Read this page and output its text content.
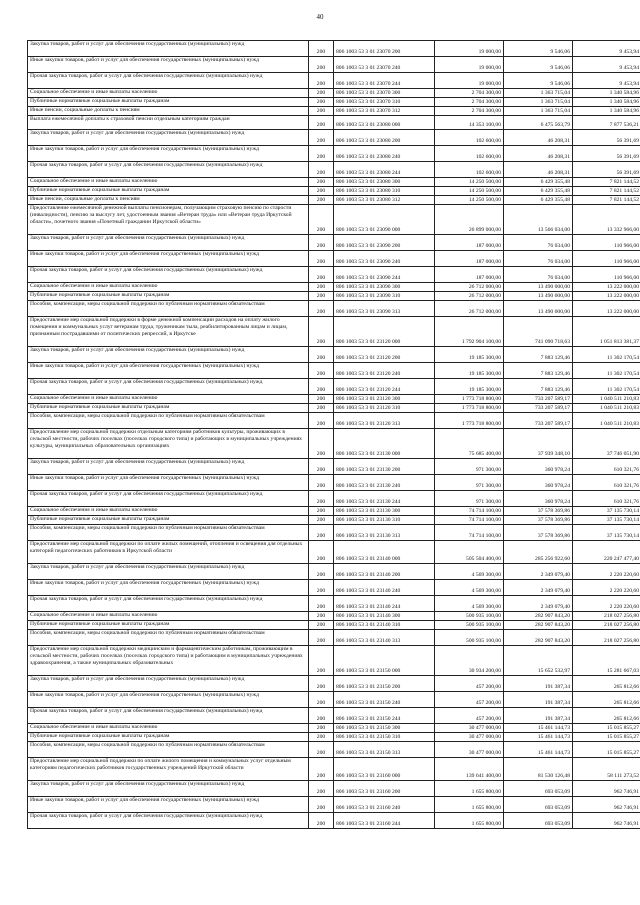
40
Закупка товаров, работ и услуг для обеспечения государственных (муниципальных) нужд	200	806 1003 53 3 01 23070 200	19 000,00	9 546,06	9 453,94
Иные закупки товаров, работ и услуг для обеспечения государственных (муниципальных) нужд	200	806 1003 53 3 01 23070 240	19 000,00	9 546,06	9 453,94
Прочая закупка товаров, работ и услуг для обеспечения государственных (муниципальных) нужд	200	806 1003 53 3 01 23070 244	19 000,00	9 546,06	9 453,94
Социальное обеспечение и иные выплаты населению	200	806 1003 53 3 01 23070 300	2 704 300,00	1 363 715,04	1 340 584,96
Публичные нормативные социальные выплаты гражданам	200	806 1003 53 3 01 23070 310	2 704 300,00	1 363 715,04	1 340 584,96
Иные пенсии, социальные доплаты к пенсиям	200	806 1003 53 3 01 23070 312	2 704 300,00	1 363 715,04	1 340 584,96
Выплата ежемесячной доплаты к страховой пенсии отдельным категориям граждан	200	806 1003 53 3 01 23080 000	14 353 100,00	6 475 563,79	7 877 536,21
Закупка товаров, работ и услуг для обеспечения государственных (муниципальных) нужд	200	806 1003 53 3 01 23080 200	102 600,00	46 208,31	56 391,69
Иные закупки товаров, работ и услуг для обеспечения государственных (муниципальных) нужд	200	806 1003 53 3 01 23080 240	102 600,00	46 208,31	56 391,69
Прочая закупка товаров, работ и услуг для обеспечения государственных (муниципальных) нужд	200	806 1003 53 3 01 23080 244	102 600,00	46 208,31	56 391,69
Социальное обеспечение и иные выплаты населению	200	806 1003 53 3 01 23080 300	14 250 500,00	6 429 355,48	7 821 144,52
Публичные нормативные социальные выплаты гражданам	200	806 1003 53 3 01 23080 310	14 250 500,00	6 429 355,48	7 821 144,52
Иные пенсии, социальные доплаты к пенсиям	200	806 1003 53 3 01 23080 312	14 250 500,00	6 429 355,48	7 821 144,52
Предоставление ежемесячной денежной выплаты пенсионерам, получающим страховую пенсию по старости (инвалидности), пенсию за выслугу лет, удостоенным звания «Ветеран труда» или «Ветеран труда Иркутской области», почетного звания «Почетный гражданин Иркутской области»	200	806 1003 53 3 01 23090 000	26 899 000,00	13 566 034,00	13 332 966,00
Закупка товаров, работ и услуг для обеспечения государственных (муниципальных) нужд	200	806 1003 53 3 01 23090 200	187 000,00	76 034,00	110 966,00
Иные закупки товаров, работ и услуг для обеспечения государственных (муниципальных) нужд	200	806 1003 53 3 01 23090 240	187 000,00	76 034,00	110 966,00
Прочая закупка товаров, работ и услуг для обеспечения государственных (муниципальных) нужд	200	806 1003 53 3 01 23090 244	187 000,00	76 034,00	110 966,00
Социальное обеспечение и иные выплаты населению	200	806 1003 53 3 01 23090 300	26 712 000,00	13 490 000,00	13 222 000,00
Публичные нормативные социальные выплаты гражданам	200	806 1003 53 3 01 23090 310	26 712 000,00	13 490 000,00	13 222 000,00
Пособия, компенсации, меры социальной поддержки по публичным нормативным обязательствам	200	806 1003 53 3 01 23090 313	26 712 000,00	13 490 000,00	13 222 000,00
Предоставление мер социальной поддержки в форме денежной компенсации расходов на оплату жилого помещения и коммунальных услуг ветеранам труда, труженикам тыла, реабилитированным лицам и лицам, признанным пострадавшими от политических репрессий, в Иркутске	200	806 1003 53 3 01 23120 000	1 792 904 100,00	741 090 718,63	1 051 813 381,37
Закупка товаров, работ и услуг для обеспечения государственных (муниципальных) нужд	200	806 1003 53 3 01 23120 200	19 185 300,00	7 883 129,46	11 302 170,54
Иные закупки товаров, работ и услуг для обеспечения государственных (муниципальных) нужд	200	806 1003 53 3 01 23120 240	19 185 300,00	7 883 129,46	11 302 170,54
Прочая закупка товаров, работ и услуг для обеспечения государственных (муниципальных) нужд	200	806 1003 53 3 01 23120 244	19 185 300,00	7 883 129,46	11 302 170,54
Социальное обеспечение и иные выплаты населению	200	806 1003 53 3 01 23120 300	1 773 718 800,00	733 207 589,17	1 040 511 210,83
Публичные нормативные социальные выплаты гражданам	200	806 1003 53 3 01 23120 310	1 773 718 800,00	733 207 589,17	1 040 511 210,83
Пособия, компенсации, меры социальной поддержки по публичным нормативным обязательствам	200	806 1003 53 3 01 23120 313	1 773 718 800,00	733 207 589,17	1 040 511 210,83
Предоставление мер социальной поддержки отдельным категориям работников культуры, проживающих в сельской местности, рабочих поселках (поселках городского типа) и работающих в муниципальных учреждениях культуры, муниципальных образовательных организациях	200	806 1003 53 3 01 23130 000	75 685 400,00	37 939 348,10	37 746 051,90
Закупка товаров, работ и услуг для обеспечения государственных (муниципальных) нужд	200	806 1003 53 3 01 23130 200	971 300,00	360 978,24	610 321,76
Иные закупки товаров, работ и услуг для обеспечения государственных (муниципальных) нужд	200	806 1003 53 3 01 23130 240	971 300,00	360 978,24	610 321,76
Прочая закупка товаров, работ и услуг для обеспечения государственных (муниципальных) нужд	200	806 1003 53 3 01 23130 244	971 300,00	360 978,24	610 321,76
Социальное обеспечение и иные выплаты населению	200	806 1003 53 3 01 23130 300	74 714 100,00	37 578 369,86	37 135 730,14
Публичные нормативные социальные выплаты гражданам	200	806 1003 53 3 01 23130 310	74 714 100,00	37 578 369,86	37 135 730,14
Пособия, компенсации, меры социальной поддержки по публичным нормативным обязательствам	200	806 1003 53 3 01 23130 313	74 714 100,00	37 578 369,86	37 135 730,14
Предоставление мер социальной поддержки по оплате жилых помещений, отопления и освещения для отдельных категорий педагогических работников в Иркутской области	200	806 1003 53 3 01 23140 000	505 504 400,00	285 256 922,60	220 247 477,40
Закупка товаров, работ и услуг для обеспечения государственных (муниципальных) нужд	200	806 1003 53 3 01 23140 200	4 569 300,00	2 349 079,40	2 220 220,60
Иные закупки товаров, работ и услуг для обеспечения государственных (муниципальных) нужд	200	806 1003 53 3 01 23140 240	4 569 300,00	2 349 079,40	2 220 220,60
Прочая закупка товаров, работ и услуг для обеспечения государственных (муниципальных) нужд	200	806 1003 53 3 01 23140 244	4 569 300,00	2 349 079,40	2 220 220,60
Социальное обеспечение и иные выплаты населению	200	806 1003 53 3 01 23140 300	500 935 100,00	282 907 843,20	218 027 256,80
Публичные нормативные социальные выплаты гражданам	200	806 1003 53 3 01 23140 310	500 935 100,00	282 907 843,20	218 027 256,80
Пособия, компенсации, меры социальной поддержки по публичным нормативным обязательствам	200	806 1003 53 3 01 23140 313	500 935 100,00	282 907 843,20	218 027 256,80
Предоставление мер социальной поддержки медицинским и фармацевтическим работникам, проживающим в сельской местности, рабочих поселках (поселках городского типа) и работающим в муниципальных учреждениях здравоохранения, а также муниципальных образовательных	200	806 1003 53 3 01 23150 000	30 934 200,00	15 652 532,97	15 281 667,03
Закупка товаров, работ и услуг для обеспечения государственных (муниципальных) нужд	200	806 1003 53 3 01 23150 200	457 200,00	191 387,34	265 812,66
Иные закупки товаров, работ и услуг для обеспечения государственных (муниципальных) нужд	200	806 1003 53 3 01 23150 240	457 200,00	191 387,34	265 812,66
Прочая закупка товаров, работ и услуг для обеспечения государственных (муниципальных) нужд	200	806 1003 53 3 01 23150 244	457 200,00	191 387,34	265 812,66
Социальное обеспечение и иные выплаты населению	200	806 1003 53 3 01 23150 300	30 477 000,00	15 461 144,73	15 015 855,27
Публичные нормативные социальные выплаты гражданам	200	806 1003 53 3 01 23150 310	30 477 000,00	15 461 144,73	15 015 855,27
Пособия, компенсации, меры социальной поддержки по публичным нормативным обязательствам	200	806 1003 53 3 01 23150 313	30 477 000,00	15 461 144,73	15 015 855,27
Предоставление мер социальной поддержки по оплате жилого помещения и коммунальных услуг отдельным категориям педагогических работников государственных учреждений Иркутской области	200	806 1003 53 3 01 23160 000	139 641 400,00	81 530 126,48	58 111 273,52
Закупка товаров, работ и услуг для обеспечения государственных (муниципальных) нужд	200	806 1003 53 3 01 23160 200	1 655 800,00	693 053,09	962 746,91
Иные закупки товаров, работ и услуг для обеспечения государственных (муниципальных) нужд	200	806 1003 53 3 01 23160 240	1 655 800,00	693 053,09	962 746,91
Прочая закупка товаров, работ и услуг для обеспечения государственных (муниципальных) нужд	200	806 1003 53 3 01 23160 244	1 655 800,00	693 053,09	962 746,91
